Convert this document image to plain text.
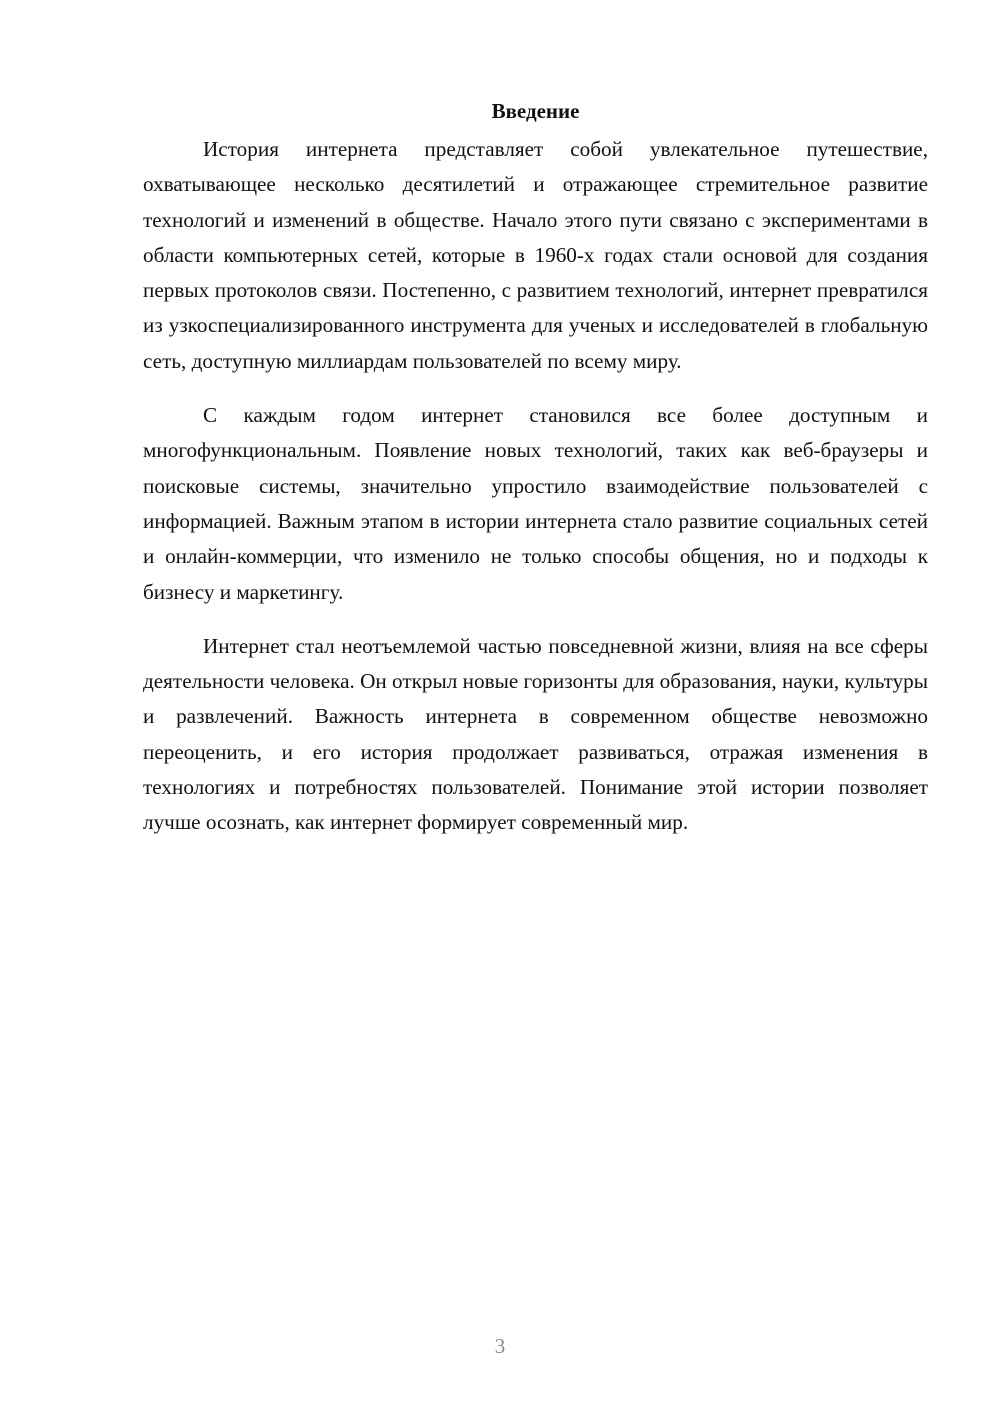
Введение

История интернета представляет собой увлекательное путешествие, охватывающее несколько десятилетий и отражающее стремительное развитие технологий и изменений в обществе. Начало этого пути связано с экспериментами в области компьютерных сетей, которые в 1960-х годах стали основой для создания первых протоколов связи. Постепенно, с развитием технологий, интернет превратился из узкоспециализированного инструмента для ученых и исследователей в глобальную сеть, доступную миллиардам пользователей по всему миру.

С каждым годом интернет становился все более доступным и многофункциональным. Появление новых технологий, таких как веб-браузеры и поисковые системы, значительно упростило взаимодействие пользователей с информацией. Важным этапом в истории интернета стало развитие социальных сетей и онлайн-коммерции, что изменило не только способы общения, но и подходы к бизнесу и маркетингу.

Интернет стал неотъемлемой частью повседневной жизни, влияя на все сферы деятельности человека. Он открыл новые горизонты для образования, науки, культуры и развлечений. Важность интернета в современном обществе невозможно переоценить, и его история продолжает развиваться, отражая изменения в технологиях и потребностях пользователей. Понимание этой истории позволяет лучше осознать, как интернет формирует современный мир.

3
